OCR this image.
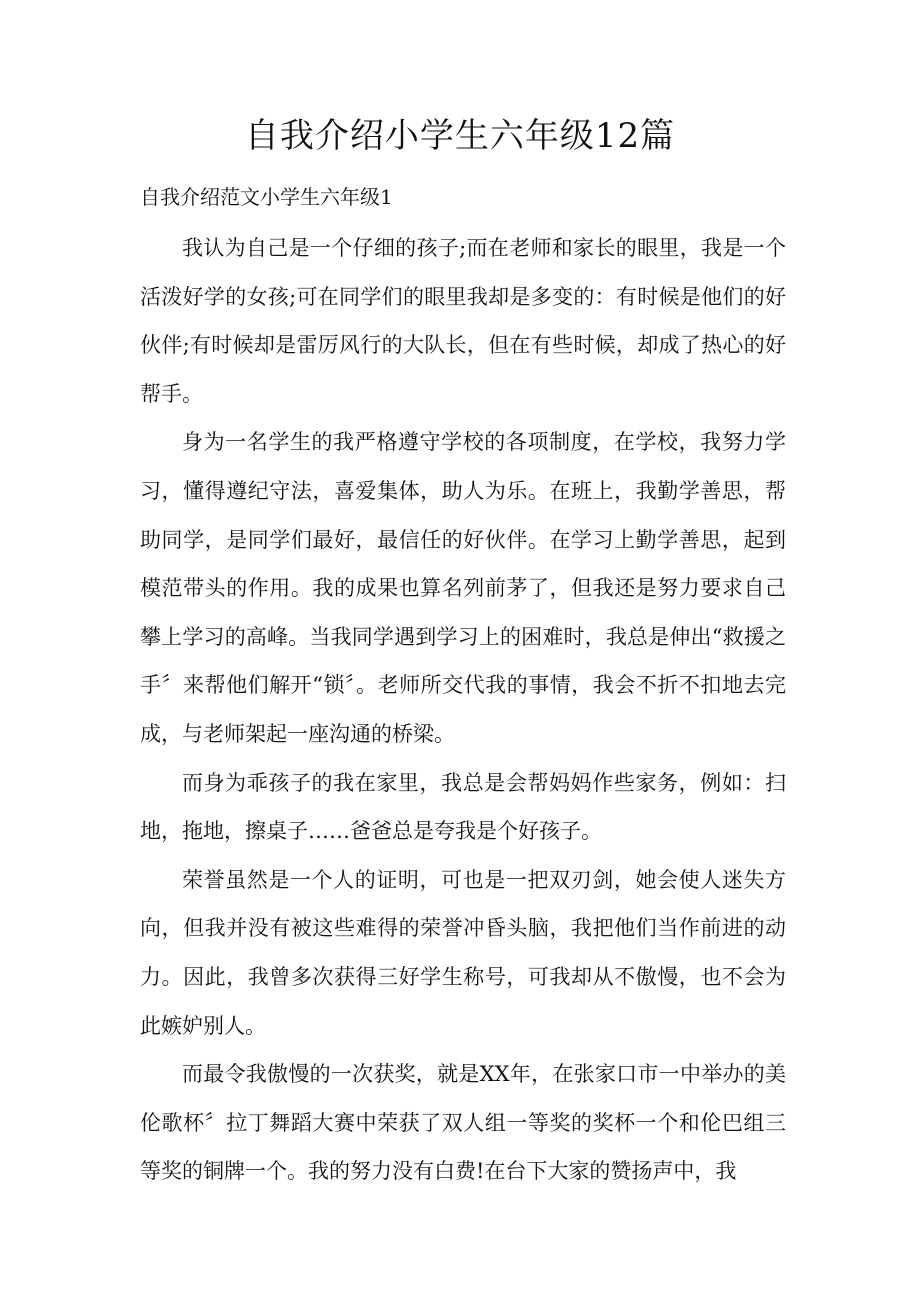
自我介绍小学生六年级12篇
自我介绍范文小学生六年级1

我认为自己是一个仔细的孩子;而在老师和家长的眼里，我是一个活泼好学的女孩;可在同学们的眼里我却是多变的：有时候是他们的好伙伴;有时候却是雷厉风行的大队长，但在有些时候，却成了热心的好帮手。

身为一名学生的我严格遵守学校的各项制度，在学校，我努力学习，懂得遵纪守法，喜爱集体，助人为乐。在班上，我勤学善思，帮助同学，是同学们最好，最信任的好伙伴。在学习上勤学善思，起到模范带头的作用。我的成果也算名列前茅了，但我还是努力要求自己攀上学习的高峰。当我同学遇到学习上的困难时，我总是伸出“救援之手〞来帮他们解开“锁〞。老师所交代我的事情，我会不折不扣地去完成，与老师架起一座沟通的桥梁。

而身为乖孩子的我在家里，我总是会帮妈妈作些家务，例如：扫地，拖地，擦桌子……爸爸总是夸我是个好孩子。

荣誉虽然是一个人的证明，可也是一把双刃剑，她会使人迷失方向，但我并没有被这些难得的荣誉冲昏头脑，我把他们当作前进的动力。因此，我曾多次获得三好学生称号，可我却从不傲慢，也不会为此嫉妒别人。

而最令我傲慢的一次获奖，就是XX年，在张家口市一中举办的美伦歌杯〞拉丁舞蹈大赛中荣获了双人组一等奖的奖杯一个和伦巴组三等奖的铜牌一个。我的努力没有白费!在台下大家的赞扬声中，我
